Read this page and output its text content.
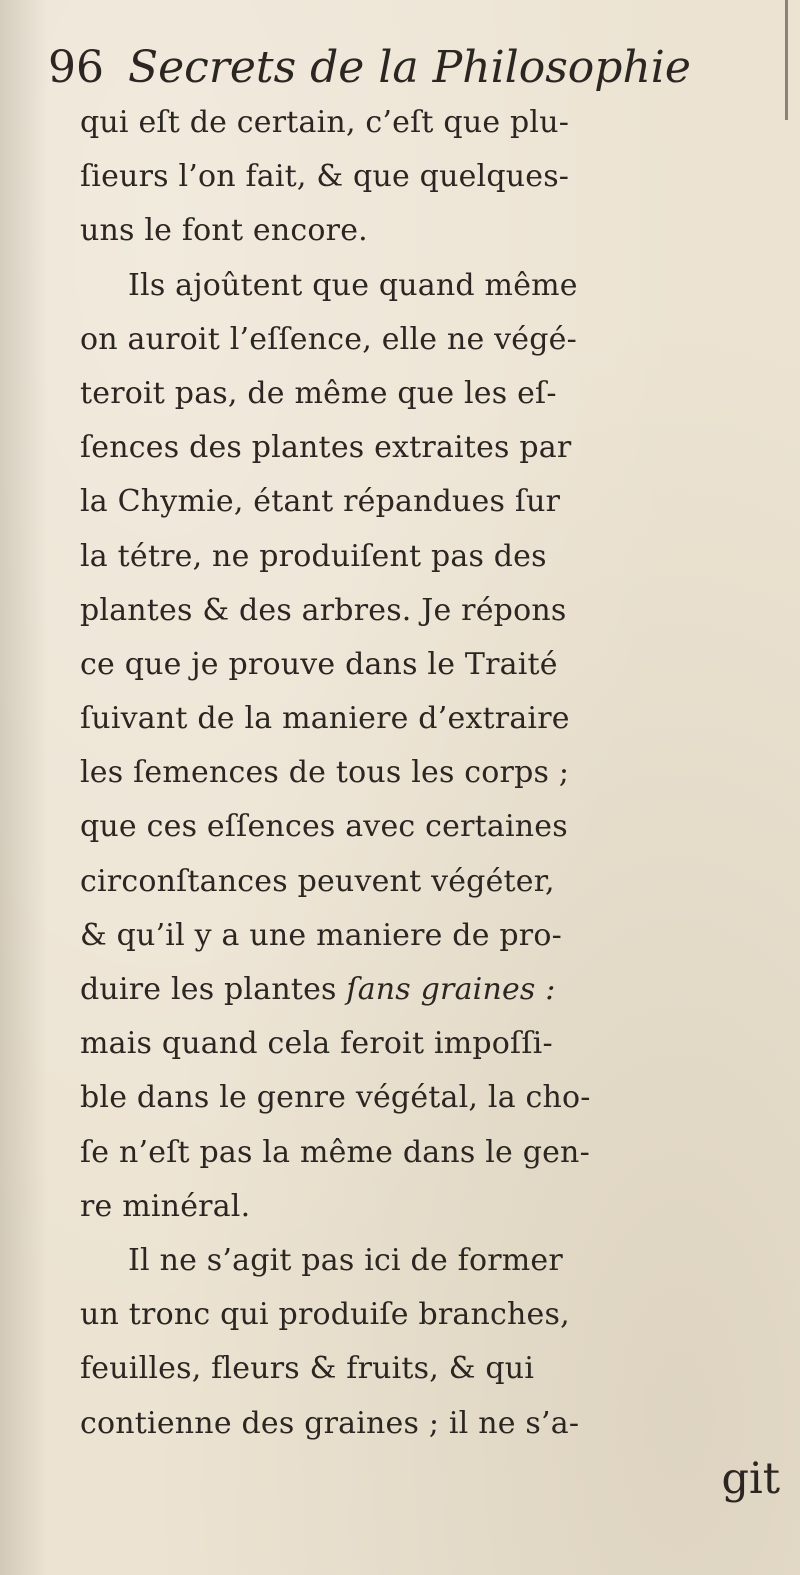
96 Secrets de la Philosophie
qui eſt de certain, c’eſt que plu-
ſieurs l’on fait, & que quelques-
uns le font encore.
Ils ajoûtent que quand même
on auroit l’eſſence, elle ne végé-
teroit pas, de même que les eſ-
ſences des plantes extraites par
la Chymie, étant répandues ſur
la tétre, ne produiſent pas des
plantes & des arbres. Je répons
ce que je prouve dans le Traité
ſuivant de la maniere d’extraire
les ſemences de tous les corps ;
que ces eſſences avec certaines
circonſtances peuvent végéter,
& qu’il y a une maniere de pro-
duire les plantes ſans graines :
mais quand cela feroit impoſſi-
ble dans le genre végétal, la cho-
ſe n’eſt pas la même dans le gen-
re minéral.
Il ne s’agit pas ici de former
un tronc qui produiſe branches,
feuilles, fleurs & fruits, & qui
contienne des graines ; il ne s’a-
git
